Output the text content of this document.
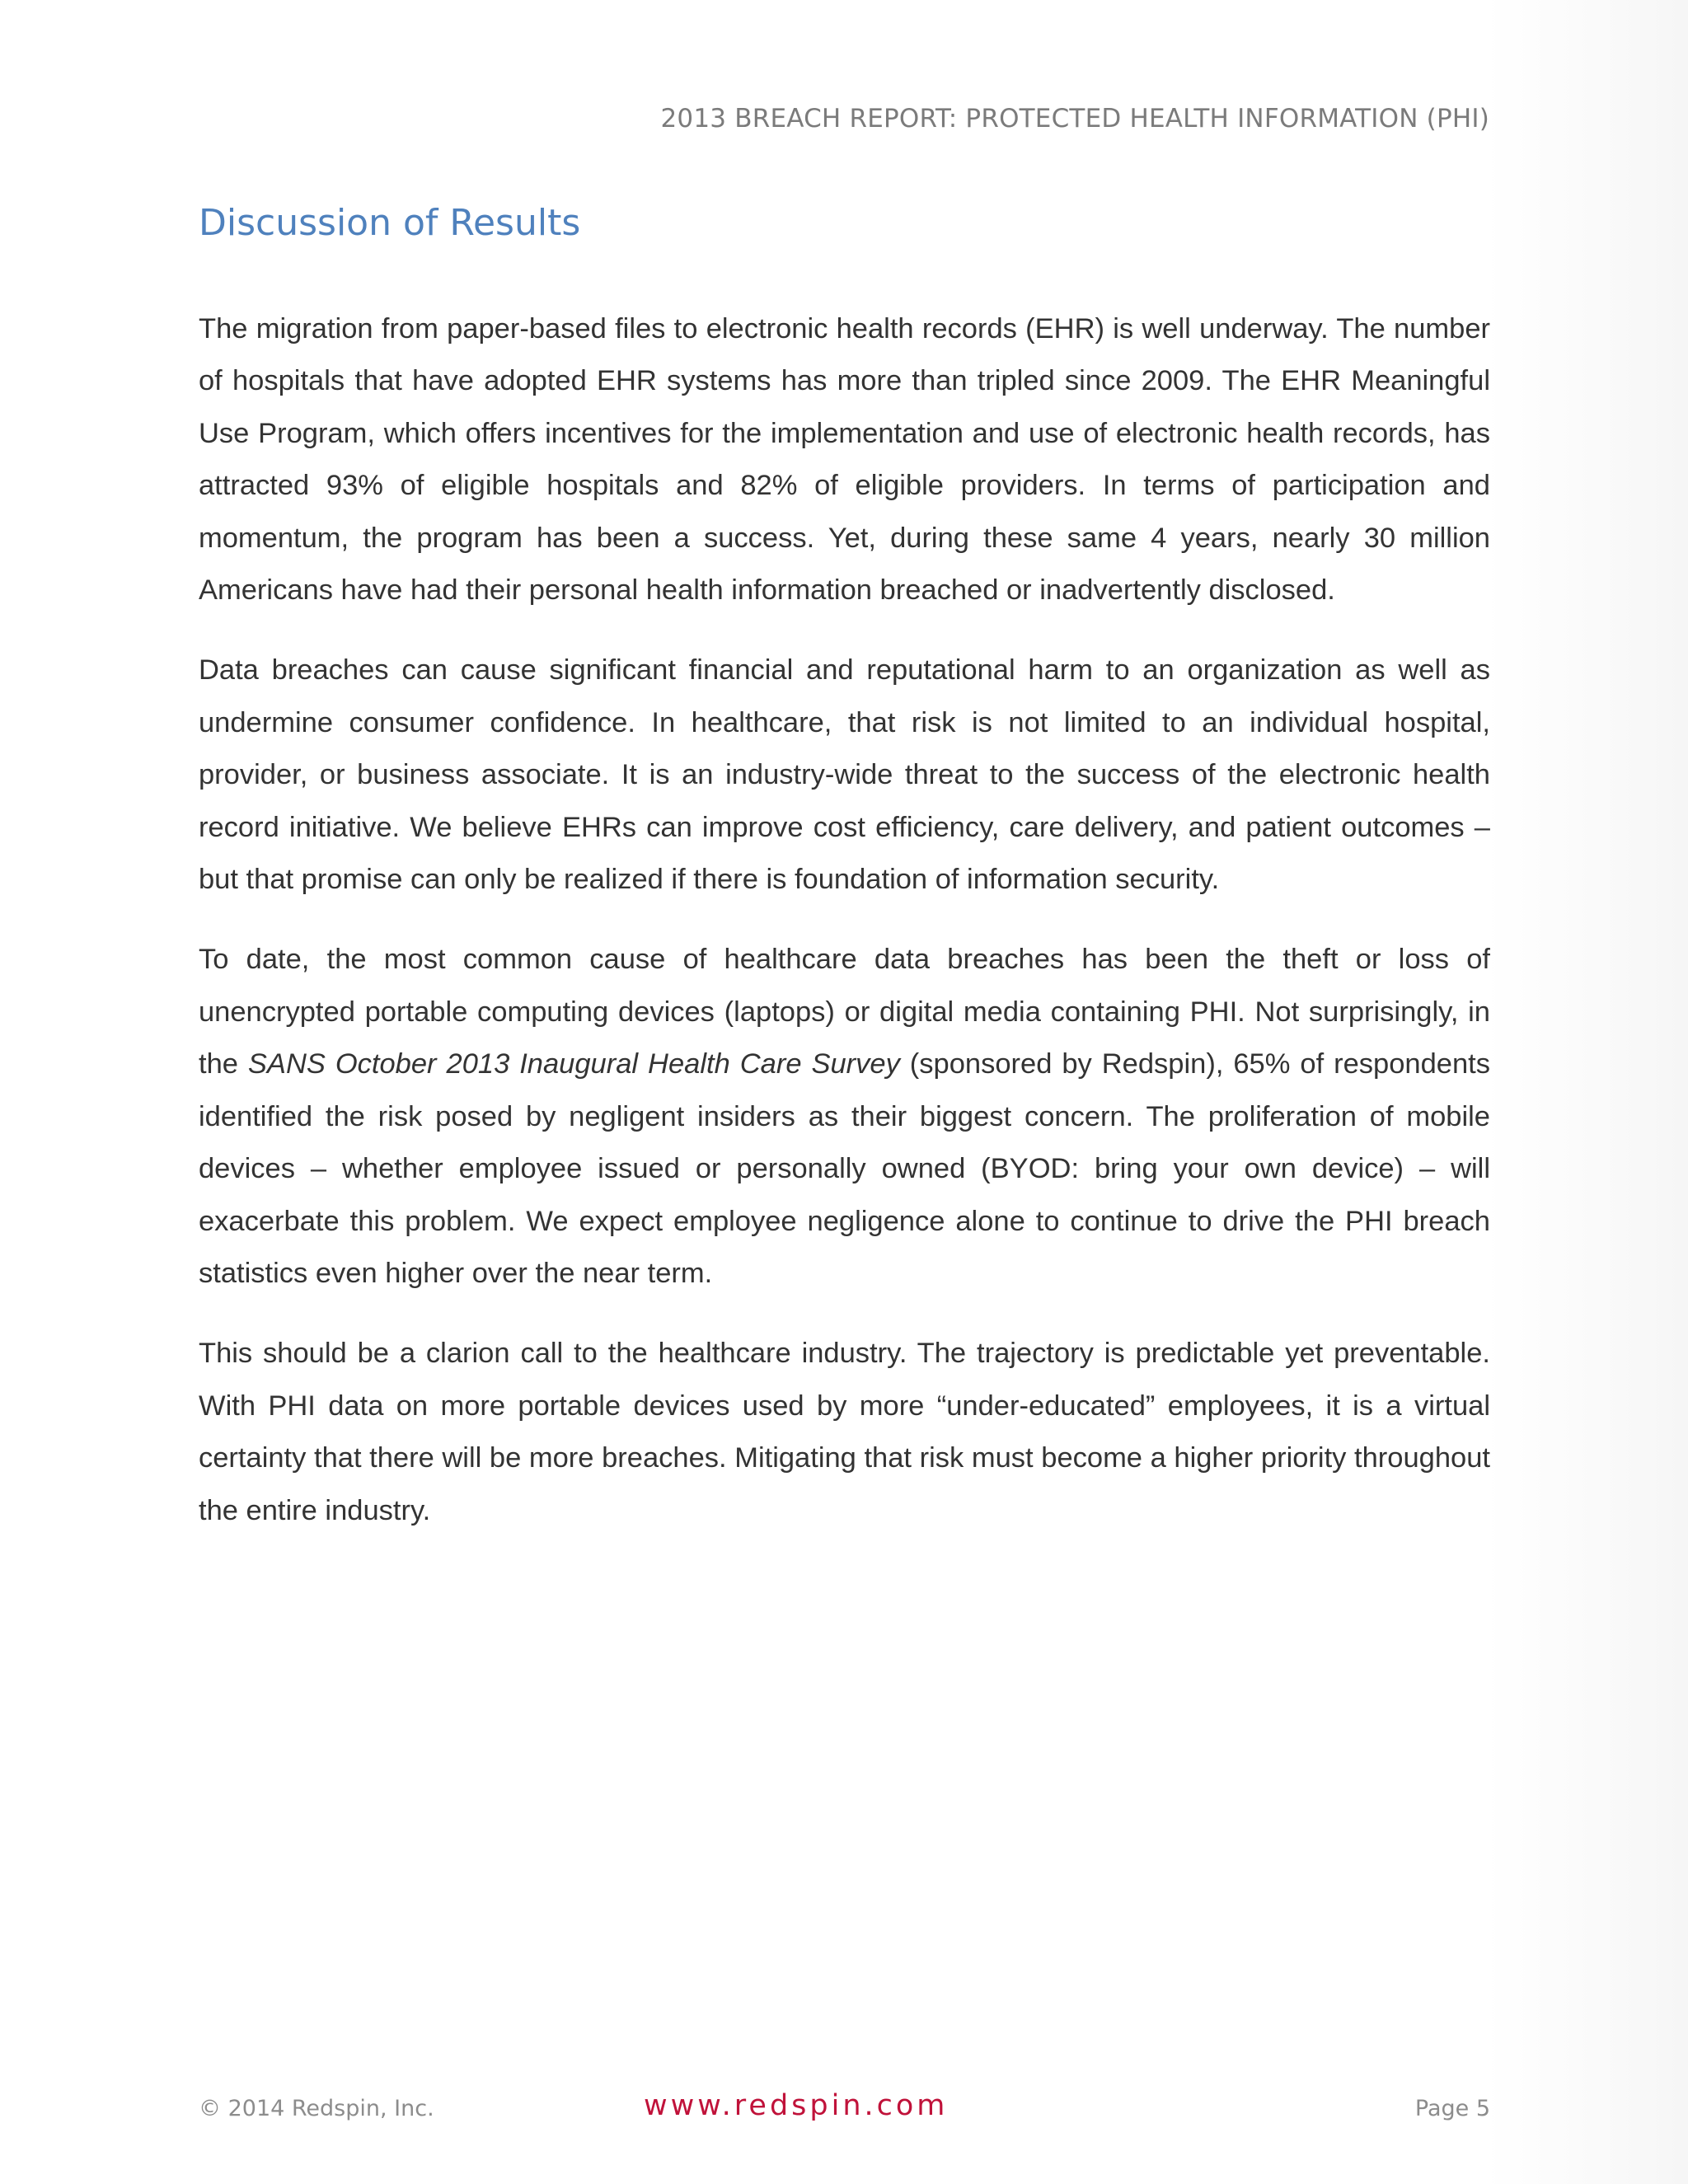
2013 BREACH REPORT: PROTECTED HEALTH INFORMATION (PHI)
Discussion of Results

The migration from paper-based files to electronic health records (EHR) is well underway. The number of hospitals that have adopted EHR systems has more than tripled since 2009. The EHR Meaningful Use Program, which offers incentives for the implementation and use of electronic health records, has attracted 93% of eligible hospitals and 82% of eligible providers. In terms of participation and momentum, the program has been a success. Yet, during these same 4 years, nearly 30 million Americans have had their personal health information breached or inadvertently disclosed.

Data breaches can cause significant financial and reputational harm to an organization as well as undermine consumer confidence. In healthcare, that risk is not limited to an individual hospital, provider, or business associate. It is an industry-wide threat to the success of the electronic health record initiative. We believe EHRs can improve cost efficiency, care delivery, and patient outcomes – but that promise can only be realized if there is foundation of information security.

To date, the most common cause of healthcare data breaches has been the theft or loss of unencrypted portable computing devices (laptops) or digital media containing PHI. Not surprisingly, in the SANS October 2013 Inaugural Health Care Survey (sponsored by Redspin), 65% of respondents identified the risk posed by negligent insiders as their biggest concern. The proliferation of mobile devices – whether employee issued or personally owned (BYOD: bring your own device) – will exacerbate this problem. We expect employee negligence alone to continue to drive the PHI breach statistics even higher over the near term.

This should be a clarion call to the healthcare industry. The trajectory is predictable yet preventable. With PHI data on more portable devices used by more “under-educated” employees, it is a virtual certainty that there will be more breaches. Mitigating that risk must become a higher priority throughout the entire industry.

© 2014 Redspin, Inc.	www.redspin.com	Page 5
